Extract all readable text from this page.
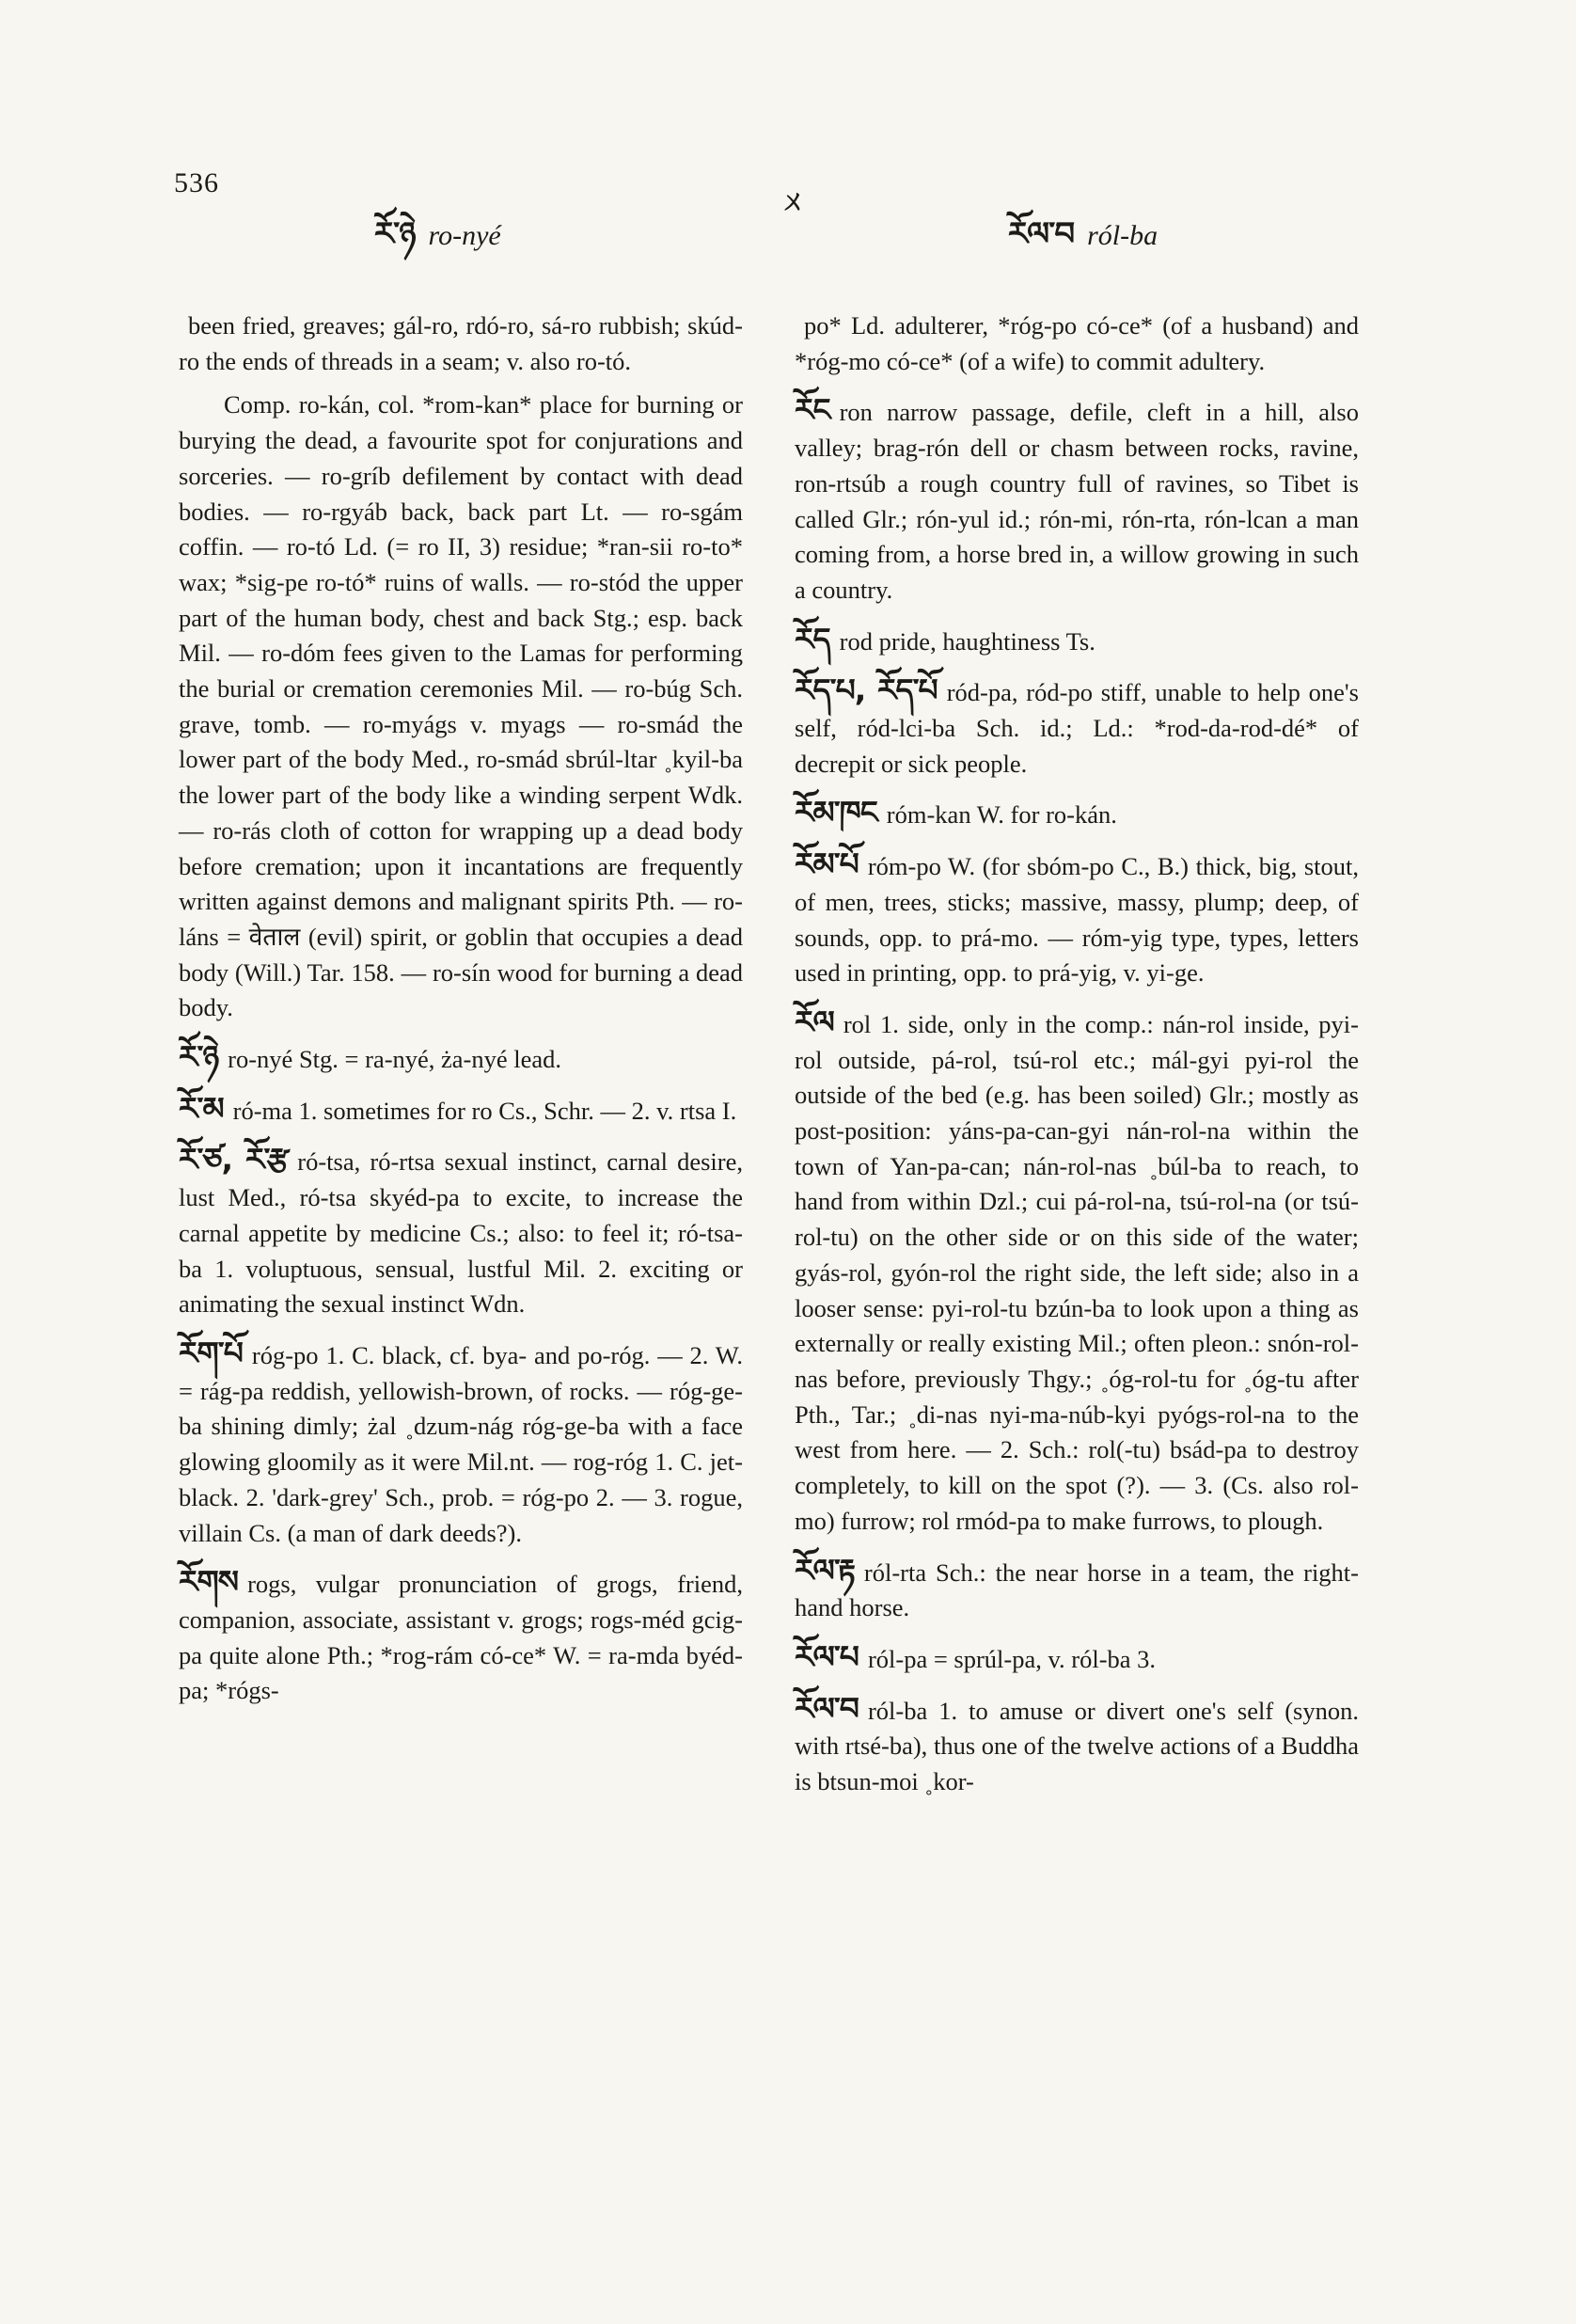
536
ㄨ
རོ་ཉེ ro-nyé	རོལ་བ ról-ba

been fried, greaves; gál-ro, rdó-ro, sá-ro rubbish; skúd-ro the ends of threads in a seam; v. also ro-tó.

Comp. ro-kán, col. *rom-kan* place for burning or burying the dead, a favourite spot for conjurations and sorceries. — ro-gríb defilement by contact with dead bodies. — ro-rgyáb back, back part Lt. — ro-sgám coffin. — ro-tó Ld. (= ro II, 3) residue; *ran-sii ro-to* wax; *sig-pe ro-tó* ruins of walls. — ro-stód the upper part of the human body, chest and back Stg.; esp. back Mil. — ro-dóm fees given to the Lamas for performing the burial or cremation ceremonies Mil. — ro-búg Sch. grave, tomb. — ro-myágs v. myags — ro-smád the lower part of the body Med., ro-smád sbrúl-ltar ˳kyil-ba the lower part of the body like a winding serpent Wdk. — ro-rás cloth of cotton for wrapping up a dead body before cremation; upon it incantations are frequently written against demons and malignant spirits Pth. — ro-láns = वेताल (evil) spirit, or goblin that occupies a dead body (Will.) Tar. 158. — ro-sín wood for burning a dead body.

རོ་ཉེ ro-nyé Stg. = ra-nyé, ża-nyé lead.

རོ་མ ró-ma 1. sometimes for ro Cs., Schr. — 2. v. rtsa I.

རོ་ཙ, རོ་རྩ ró-tsa, ró-rtsa sexual instinct, carnal desire, lust Med., ró-tsa skyéd-pa to excite, to increase the carnal appetite by medicine Cs.; also: to feel it; ró-tsa-ba 1. voluptuous, sensual, lustful Mil. 2. exciting or animating the sexual instinct Wdn.

རོག་པོ róg-po 1. C. black, cf. bya- and po-róg. — 2. W. = rág-pa reddish, yellowish-brown, of rocks. — róg-ge-ba shining dimly; żal ˳dzum-nág róg-ge-ba with a face glowing gloomily as it were Mil.nt. — rog-róg 1. C. jet-black. 2. 'dark-grey' Sch., prob. = róg-po 2. — 3. rogue, villain Cs. (a man of dark deeds?).

རོགས rogs, vulgar pronunciation of grogs, friend, companion, associate, assistant v. grogs; rogs-méd gcig-pa quite alone Pth.; *rog-rám có-ce* W. = ra-mda byéd-pa; *rógs-

po* Ld. adulterer, *róg-po có-ce* (of a husband) and *róg-mo có-ce* (of a wife) to commit adultery.

རོང ron narrow passage, defile, cleft in a hill, also valley; brag-rón dell or chasm between rocks, ravine, ron-rtsúb a rough country full of ravines, so Tibet is called Glr.; rón-yul id.; rón-mi, rón-rta, rón-lcan a man coming from, a horse bred in, a willow growing in such a country.

རོད rod pride, haughtiness Ts.

རོད་པ, རོད་པོ ród-pa, ród-po stiff, unable to help one's self, ród-lci-ba Sch. id.; Ld.: *rod-da-rod-dé* of decrepit or sick people.

རོམ་ཁང róm-kan W. for ro-kán.

རོམ་པོ róm-po W. (for sbóm-po C., B.) thick, big, stout, of men, trees, sticks; massive, massy, plump; deep, of sounds, opp. to prá-mo. — róm-yig type, types, letters used in printing, opp. to prá-yig, v. yi-ge.

རོལ rol 1. side, only in the comp.: nán-rol inside, pyi-rol outside, pá-rol, tsú-rol etc.; mál-gyi pyi-rol the outside of the bed (e.g. has been soiled) Glr.; mostly as post-position: yáns-pa-can-gyi nán-rol-na within the town of Yan-pa-can; nán-rol-nas ˳búl-ba to reach, to hand from within Dzl.; cui pá-rol-na, tsú-rol-na (or tsú-rol-tu) on the other side or on this side of the water; gyás-rol, gyón-rol the right side, the left side; also in a looser sense: pyi-rol-tu bzún-ba to look upon a thing as externally or really existing Mil.; often pleon.: snón-rol-nas before, previously Thgy.; ˳óg-rol-tu for ˳óg-tu after Pth., Tar.; ˳di-nas nyi-ma-núb-kyi pyógs-rol-na to the west from here. — 2. Sch.: rol(-tu) bsád-pa to destroy completely, to kill on the spot (?). — 3. (Cs. also rol-mo) furrow; rol rmód-pa to make furrows, to plough.

རོལ་རྟ ról-rta Sch.: the near horse in a team, the right-hand horse.

རོལ་པ ról-pa = sprúl-pa, v. ról-ba 3.

རོལ་བ ról-ba 1. to amuse or divert one's self (synon. with rtsé-ba), thus one of the twelve actions of a Buddha is btsun-moi ˳kor-
